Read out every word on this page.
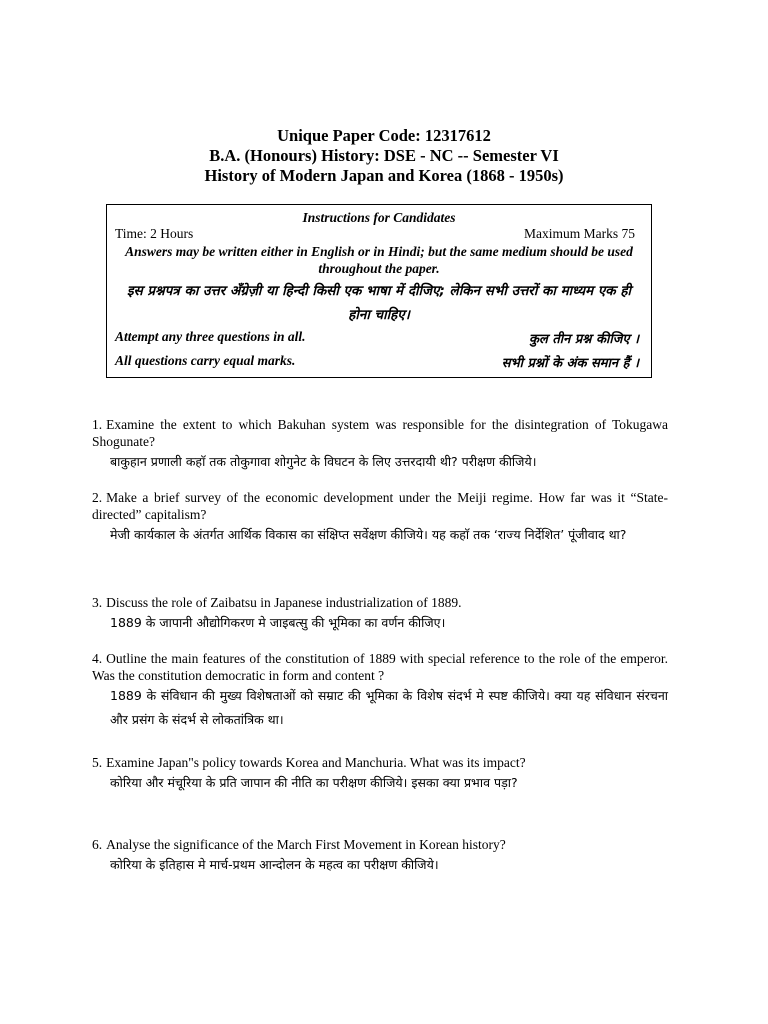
Unique Paper Code: 12317612
B.A. (Honours) History: DSE - NC -- Semester VI
History of Modern Japan and Korea (1868 - 1950s)
Instructions for Candidates
Time: 2 Hours	Maximum Marks 75
Answers may be written either in English or in Hindi; but the same medium should be used throughout the paper.
इस प्रश्नपत्र का उत्तर अँग्रेज़ी या हिन्दी किसी एक भाषा में दीजिए; लेकिन सभी उत्तरों का माध्यम एक ही होना चाहिए।
Attempt any three questions in all.	कुल तीन प्रश्न कीजिए ।
All questions carry equal marks.	सभी प्रश्नों के अंक समान हैं ।
1. Examine the extent to which Bakuhan system was responsible for the disintegration of Tokugawa Shogunate?
बाकुहान प्रणाली कहाॅ तक तोकुगावा शोगुनेट के विघटन के लिए उत्तरदायी थी? परीक्षण कीजिये।
2. Make a brief survey of the economic development under the Meiji regime. How far was it “State-directed” capitalism?
मेजी कार्यकाल के अंतर्गत आर्थिक विकास का संक्षिप्त सर्वेक्षण कीजिये। यह कहाॅ तक ‘राज्य निर्देशित’ पूंजीवाद था?
3. Discuss the role of Zaibatsu in Japanese industrialization of 1889.
1889 के जापानी औद्योगिकरण मे जाइबत्सु की भूमिका का वर्णन कीजिए।
4. Outline the main features of the constitution of 1889 with special reference to the role of the emperor. Was the constitution democratic in form and content ?
1889 के संविधान की मुख्य विशेषताओं को सम्राट की भूमिका के विशेष संदर्भ मे स्पष्ट कीजिये। क्या यह संविधान संरचना और प्रसंग के संदर्भ से लोकतांत्रिक था।
5. Examine Japan"s policy towards Korea and Manchuria. What was its impact?
कोरिया और मंचूरिया के प्रति जापान की नीति का परीक्षण कीजिये। इसका क्या प्रभाव पड़ा?
6. Analyse the significance of the March First Movement in Korean history?
कोरिया के इतिहास मे मार्च-प्रथम आन्दोलन के महत्व का परीक्षण कीजिये।
